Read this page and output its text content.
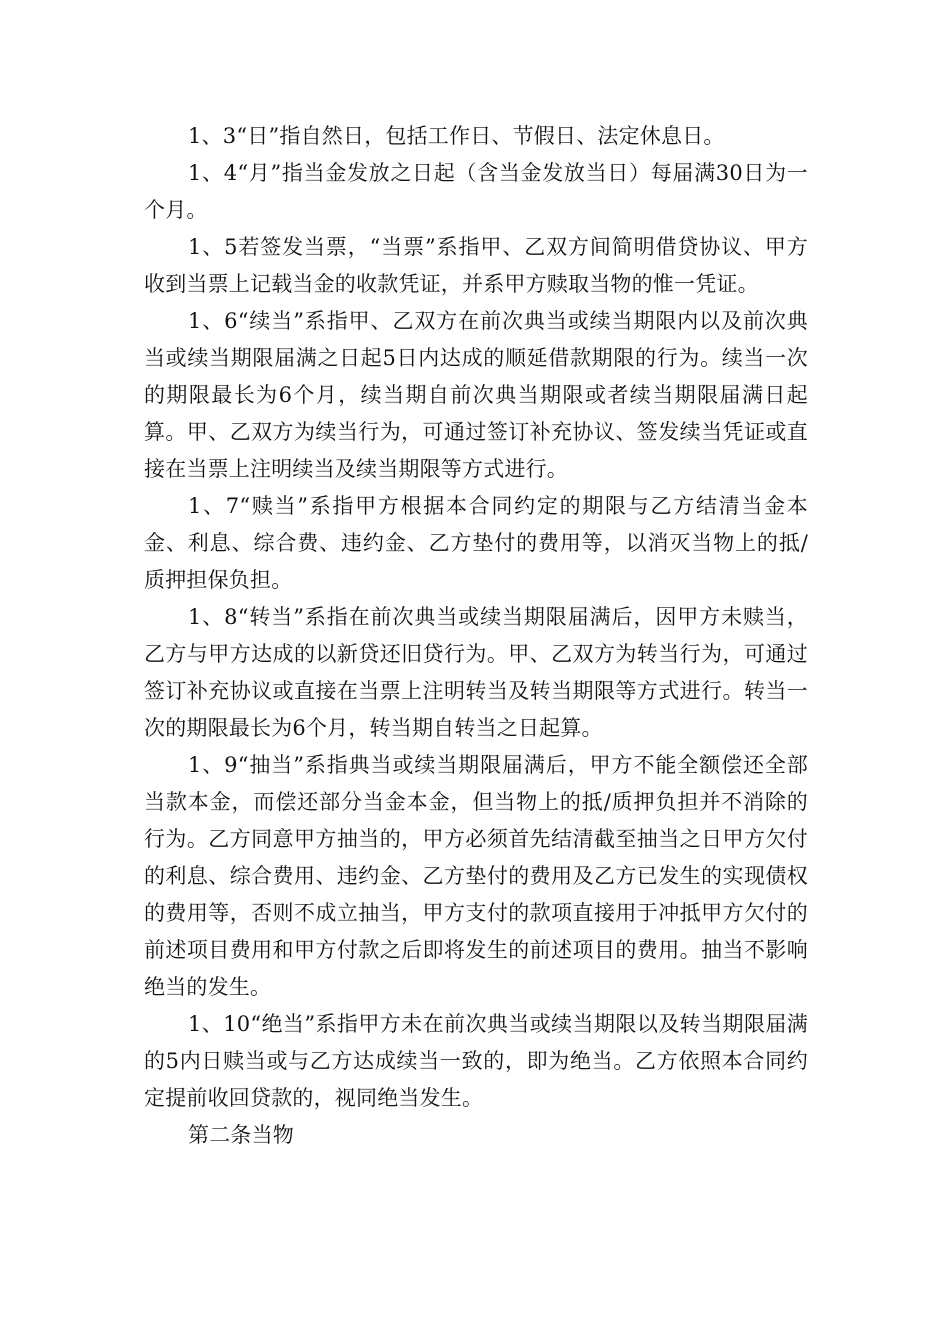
1、3“日”指自然日，包括工作日、节假日、法定休息日。

1、4“月”指当金发放之日起（含当金发放当日）每届满30日为一个月。

1、5若签发当票，“当票”系指甲、乙双方间简明借贷协议、甲方收到当票上记载当金的收款凭证，并系甲方赎取当物的惟一凭证。

1、6“续当”系指甲、乙双方在前次典当或续当期限内以及前次典当或续当期限届满之日起5日内达成的顺延借款期限的行为。续当一次的期限最长为6个月，续当期自前次典当期限或者续当期限届满日起算。甲、乙双方为续当行为，可通过签订补充协议、签发续当凭证或直接在当票上注明续当及续当期限等方式进行。

1、7“赎当”系指甲方根据本合同约定的期限与乙方结清当金本金、利息、综合费、违约金、乙方垫付的费用等，以消灭当物上的抵/质押担保负担。

1、8“转当”系指在前次典当或续当期限届满后，因甲方未赎当，乙方与甲方达成的以新贷还旧贷行为。甲、乙双方为转当行为，可通过签订补充协议或直接在当票上注明转当及转当期限等方式进行。转当一次的期限最长为6个月，转当期自转当之日起算。

1、9“抽当”系指典当或续当期限届满后，甲方不能全额偿还全部当款本金，而偿还部分当金本金，但当物上的抵/质押负担并不消除的行为。乙方同意甲方抽当的，甲方必须首先结清截至抽当之日甲方欠付的利息、综合费用、违约金、乙方垫付的费用及乙方已发生的实现债权的费用等，否则不成立抽当，甲方支付的款项直接用于冲抵甲方欠付的前述项目费用和甲方付款之后即将发生的前述项目的费用。抽当不影响绝当的发生。

1、10“绝当”系指甲方未在前次典当或续当期限以及转当期限届满的5内日赎当或与乙方达成续当一致的，即为绝当。乙方依照本合同约定提前收回贷款的，视同绝当发生。

第二条当物
